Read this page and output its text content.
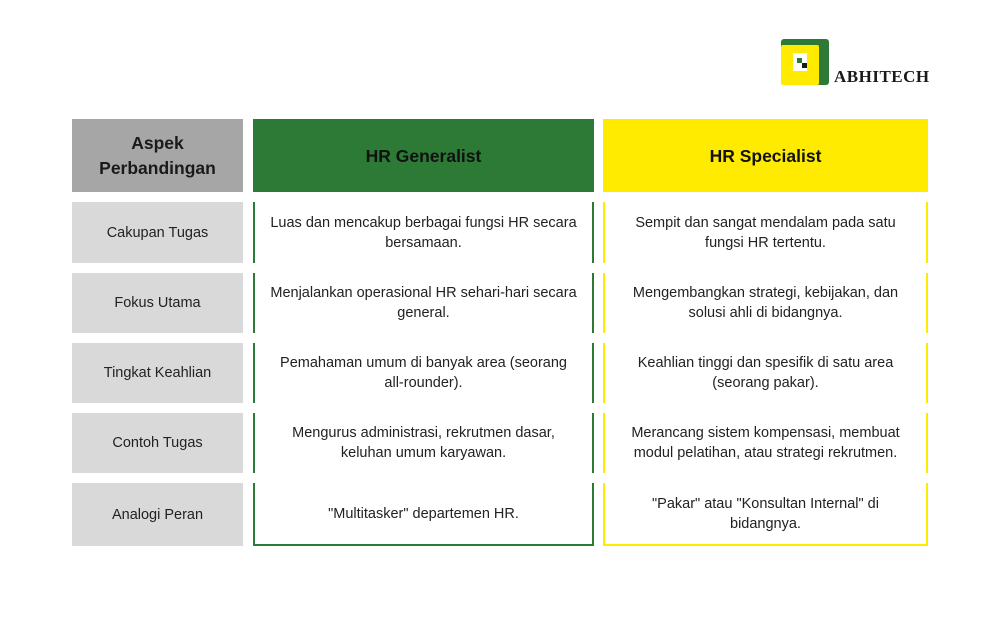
ABHITECH
Aspek Perbandingan
HR Generalist	HR Specialist
Cakupan Tugas
Luas dan mencakup berbagai fungsi HR secara bersamaan.
Sempit dan sangat mendalam pada satu fungsi HR tertentu.
Fokus Utama
Menjalankan operasional HR sehari-hari secara general.
Mengembangkan strategi, kebijakan, dan solusi ahli di bidangnya.
Tingkat Keahlian
Pemahaman umum di banyak area (seorang all-rounder).
Keahlian tinggi dan spesifik di satu area (seorang pakar).
Contoh Tugas
Mengurus administrasi, rekrutmen dasar, keluhan umum karyawan.
Merancang sistem kompensasi, membuat modul pelatihan, atau strategi rekrutmen.
Analogi Peran	"Multitasker" departemen HR.
"Pakar" atau "Konsultan Internal" di bidangnya.
